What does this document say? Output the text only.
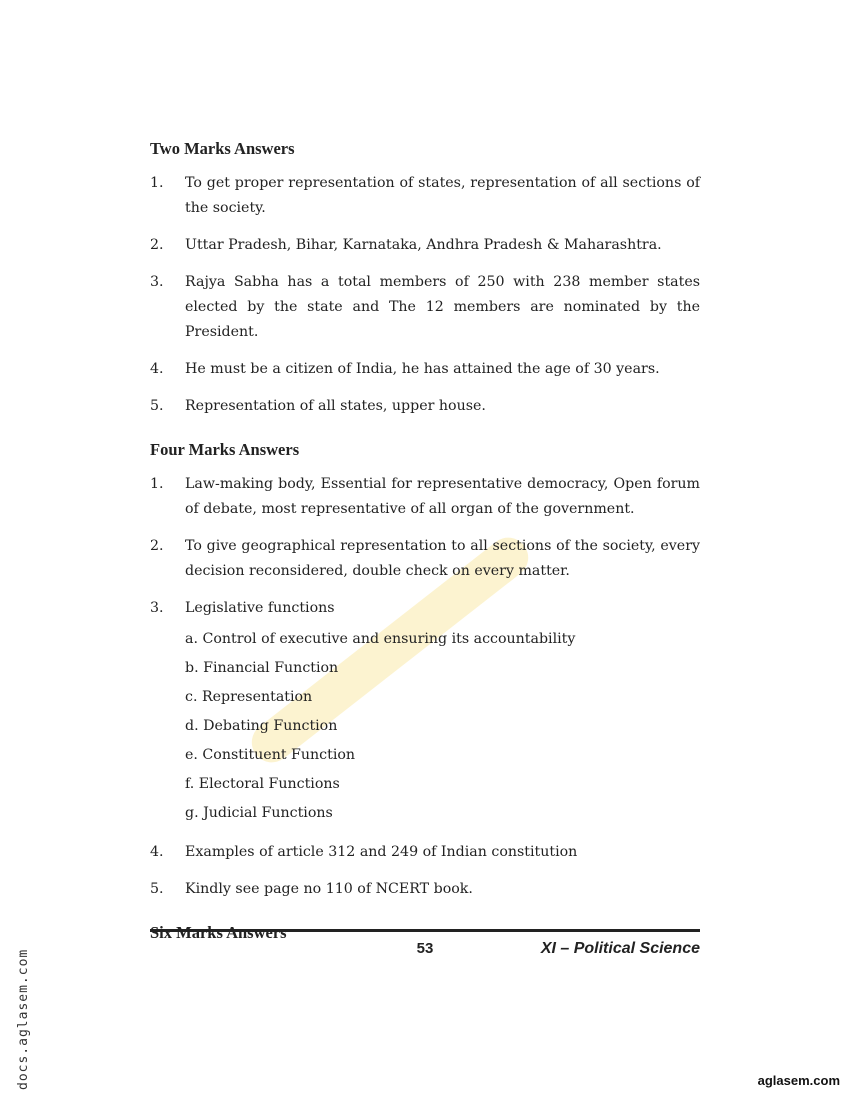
Two Marks Answers
1. To get proper representation of states, representation of all sections of the society.
2. Uttar Pradesh, Bihar, Karnataka, Andhra Pradesh & Maharashtra.
3. Rajya Sabha has a total members of 250 with 238 member states elected by the state and The 12 members are nominated by the President.
4. He must be a citizen of India, he has attained the age of 30 years.
5. Representation of all states, upper house.
Four Marks Answers
1. Law-making body, Essential for representative democracy, Open forum of debate, most representative of all organ of the government.
2. To give geographical representation to all sections of the society, every decision reconsidered, double check on every matter.
3. Legislative functions
a. Control of executive and ensuring its accountability
b. Financial Function
c. Representation
d. Debating Function
e. Constituent Function
f. Electoral Functions
g. Judicial Functions
4. Examples of article 312 and 249 of Indian constitution
5. Kindly see page no 110 of NCERT book.
Six Marks Answers
53	XI – Political Science
docs.aglasem.com	aglasem.com
